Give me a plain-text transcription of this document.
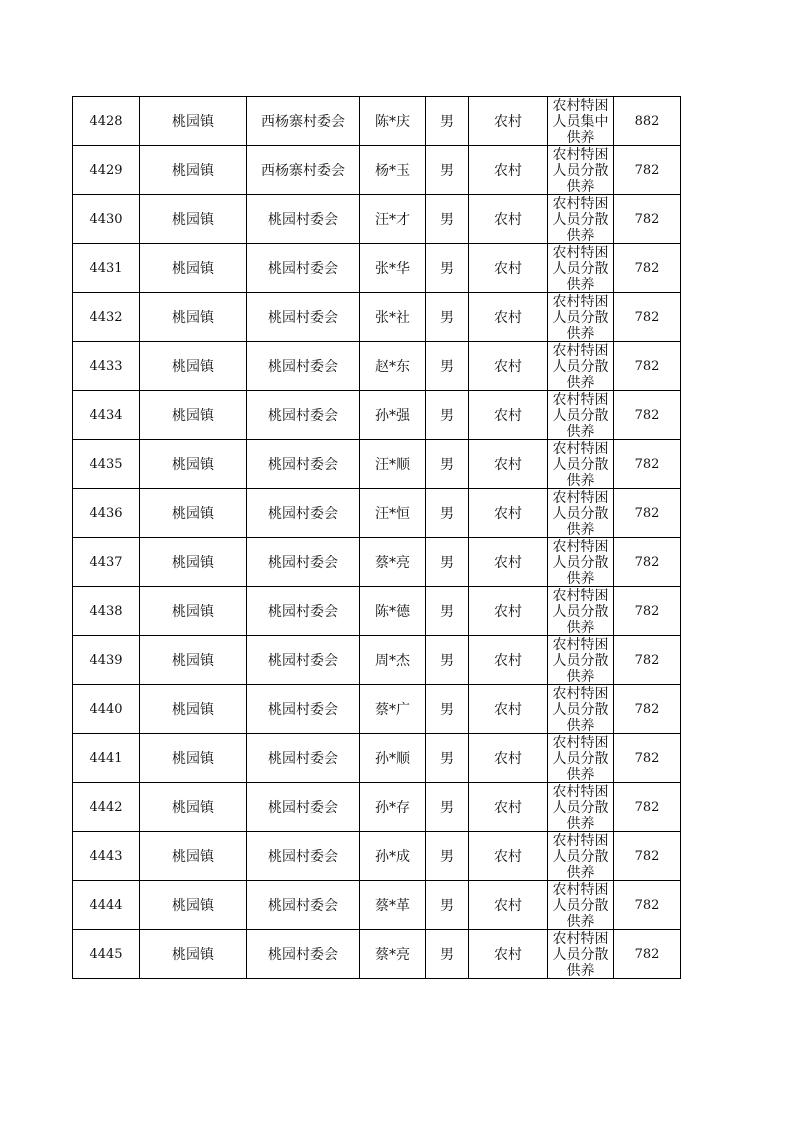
4428	桃园镇	西杨寨村委会	陈*庆	男	农村	农村特困人员集中供养	882
4429	桃园镇	西杨寨村委会	杨*玉	男	农村	农村特困人员分散供养	782
4430	桃园镇	桃园村委会	汪*才	男	农村	农村特困人员分散供养	782
4431	桃园镇	桃园村委会	张*华	男	农村	农村特困人员分散供养	782
4432	桃园镇	桃园村委会	张*社	男	农村	农村特困人员分散供养	782
4433	桃园镇	桃园村委会	赵*东	男	农村	农村特困人员分散供养	782
4434	桃园镇	桃园村委会	孙*强	男	农村	农村特困人员分散供养	782
4435	桃园镇	桃园村委会	汪*顺	男	农村	农村特困人员分散供养	782
4436	桃园镇	桃园村委会	汪*恒	男	农村	农村特困人员分散供养	782
4437	桃园镇	桃园村委会	蔡*亮	男	农村	农村特困人员分散供养	782
4438	桃园镇	桃园村委会	陈*德	男	农村	农村特困人员分散供养	782
4439	桃园镇	桃园村委会	周*杰	男	农村	农村特困人员分散供养	782
4440	桃园镇	桃园村委会	蔡*广	男	农村	农村特困人员分散供养	782
4441	桃园镇	桃园村委会	孙*顺	男	农村	农村特困人员分散供养	782
4442	桃园镇	桃园村委会	孙*存	男	农村	农村特困人员分散供养	782
4443	桃园镇	桃园村委会	孙*成	男	农村	农村特困人员分散供养	782
4444	桃园镇	桃园村委会	蔡*革	男	农村	农村特困人员分散供养	782
4445	桃园镇	桃园村委会	蔡*亮	男	农村	农村特困人员分散供养	782
